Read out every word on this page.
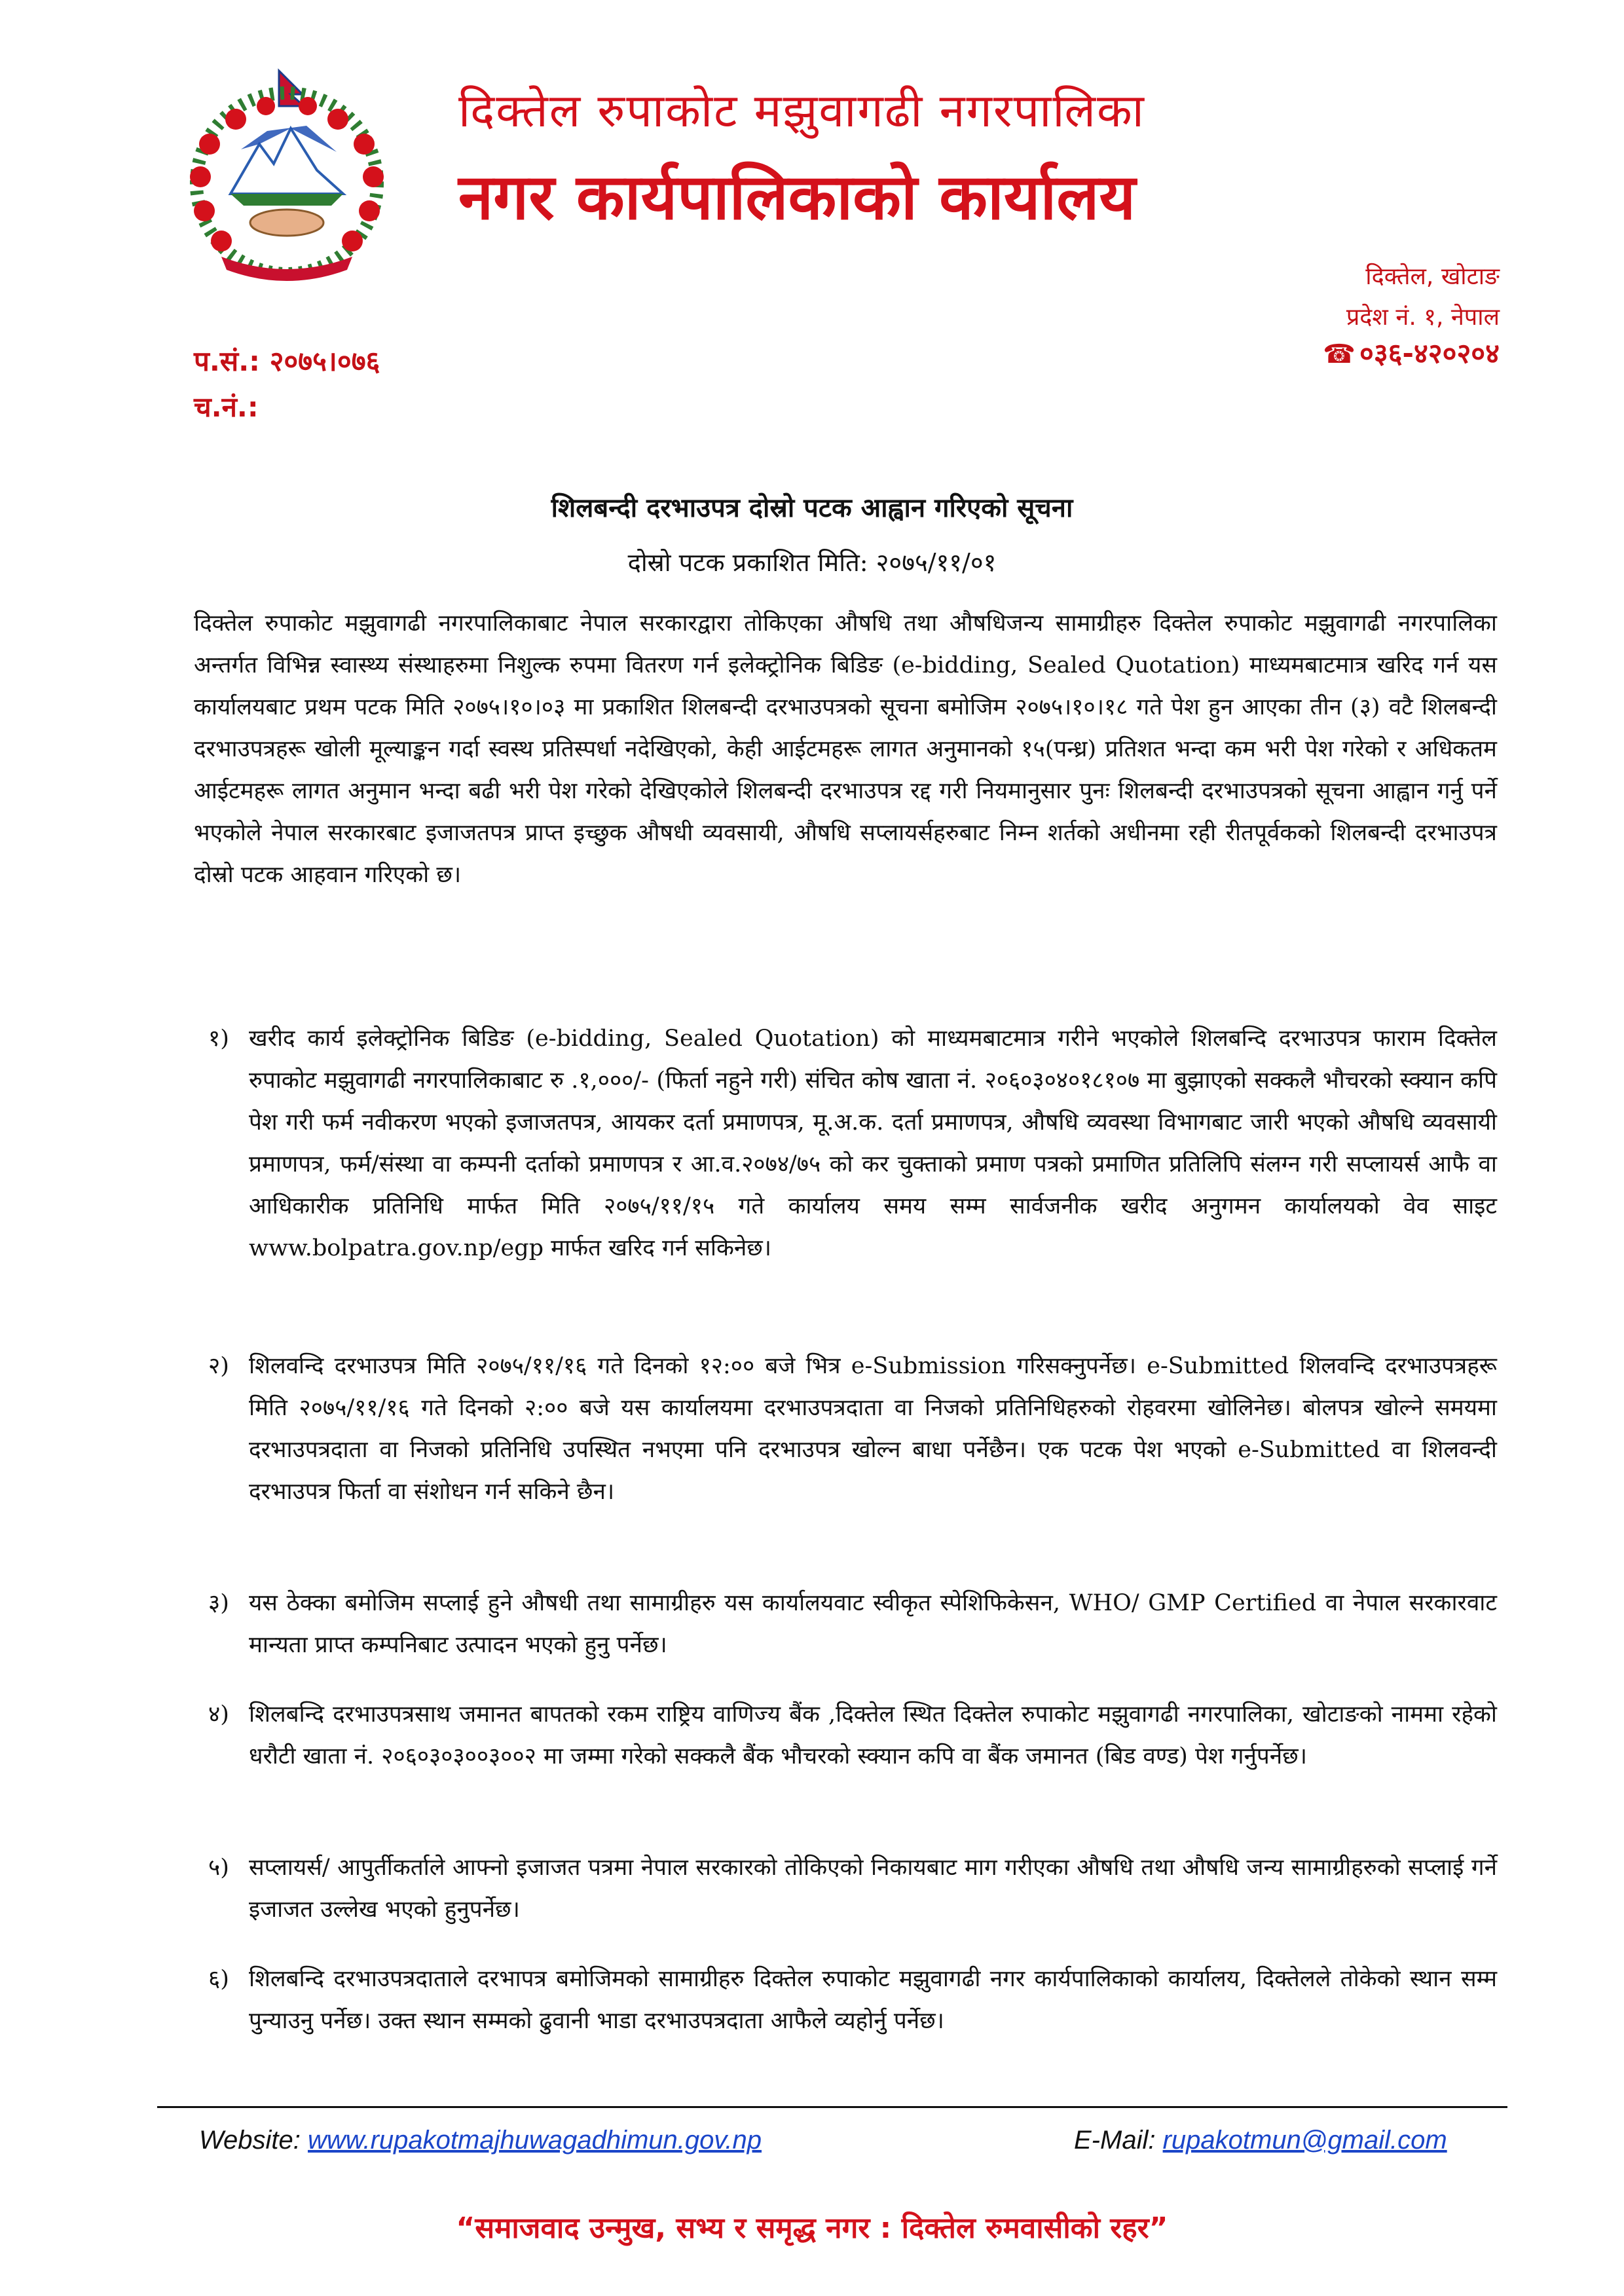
दिक्तेल रुपाकोट मझुवागढी नगरपालिका
नगर कार्यपालिकाको कार्यालय
दिक्तेल, खोटाङ
प्रदेश नं. १, नेपाल
☎ ०३६-४२०२०४
प.सं.: २०७५।०७६
च.नं.:
शिलबन्दी दरभाउपत्र दोस्रो पटक आह्वान गरिएको सूचना
दोस्रो पटक प्रकाशित मिति: २०७५/११/०१
दिक्तेल रुपाकोट मझुवागढी नगरपालिकाबाट नेपाल सरकारद्वारा तोकिएका औषधि तथा औषधिजन्य सामाग्रीहरु दिक्तेल रुपाकोट मझुवागढी नगरपालिका अन्तर्गत विभिन्न स्वास्थ्य संस्थाहरुमा निशुल्क रुपमा वितरण गर्न इलेक्ट्रोनिक बिडिङ (e-bidding, Sealed Quotation) माध्यमबाटमात्र खरिद गर्न यस कार्यालयबाट प्रथम पटक मिति २०७५।१०।०३ मा प्रकाशित शिलबन्दी दरभाउपत्रको सूचना बमोजिम २०७५।१०।१८ गते पेश हुन आएका तीन (३) वटै शिलबन्दी दरभाउपत्रहरू खोली मूल्याङ्कन गर्दा स्वस्थ प्रतिस्पर्धा नदेखिएको, केही आईटमहरू लागत अनुमानको १५(पन्ध्र) प्रतिशत भन्दा कम भरी पेश गरेको र अधिकतम आईटमहरू लागत अनुमान भन्दा बढी भरी पेश गरेको देखिएकोले शिलबन्दी दरभाउपत्र रद्द गरी नियमानुसार पुनः शिलबन्दी दरभाउपत्रको सूचना आह्वान गर्नु पर्ने भएकोले नेपाल सरकारबाट इजाजतपत्र प्राप्त इच्छुक औषधी व्यवसायी, औषधि सप्लायर्सहरुबाट निम्न शर्तको अधीनमा रही रीतपूर्वकको शिलबन्दी दरभाउपत्र दोस्रो पटक आहवान गरिएको छ।
१) खरीद कार्य इलेक्ट्रोनिक बिडिङ (e-bidding, Sealed Quotation) को माध्यमबाटमात्र गरीने भएकोले शिलबन्दि दरभाउपत्र फाराम दिक्तेल रुपाकोट मझुवागढी नगरपालिकाबाट रु .१,०००/- (फिर्ता नहुने गरी) संचित कोष खाता नं. २०६०३०४०१८१०७ मा बुझाएको सक्कलै भौचरको स्क्यान कपि पेश गरी फर्म नवीकरण भएको इजाजतपत्र, आयकर दर्ता प्रमाणपत्र, मू.अ.क. दर्ता प्रमाणपत्र, औषधि व्यवस्था विभागबाट जारी भएको औषधि व्यवसायी प्रमाणपत्र, फर्म/संस्था वा कम्पनी दर्ताको प्रमाणपत्र र आ.व.२०७४/७५ को कर चुक्ताको प्रमाण पत्रको प्रमाणित प्रतिलिपि संलग्न गरी सप्लायर्स आफै वा आधिकारीक प्रतिनिधि मार्फत मिति २०७५/११/१५ गते कार्यालय समय सम्म सार्वजनीक खरीद अनुगमन कार्यालयको वेव साइट www.bolpatra.gov.np/egp मार्फत खरिद गर्न सकिनेछ।
२) शिलवन्दि दरभाउपत्र मिति २०७५/११/१६ गते दिनको १२:०० बजे भित्र e-Submission गरिसक्नुपर्नेछ। e-Submitted शिलवन्दि दरभाउपत्रहरू मिति २०७५/११/१६ गते दिनको २:०० बजे यस कार्यालयमा दरभाउपत्रदाता वा निजको प्रतिनिधिहरुको रोहवरमा खोलिनेछ। बोलपत्र खोल्ने समयमा दरभाउपत्रदाता वा निजको प्रतिनिधि उपस्थित नभएमा पनि दरभाउपत्र खोल्न बाधा पर्नेछैन। एक पटक पेश भएको e-Submitted वा शिलवन्दी दरभाउपत्र फिर्ता वा संशोधन गर्न सकिने छैन।
३) यस ठेक्का बमोजिम सप्लाई हुने औषधी तथा सामाग्रीहरु यस कार्यालयवाट स्वीकृत स्पेशिफिकेसन, WHO/ GMP Certified वा नेपाल सरकारवाट मान्यता प्राप्त कम्पनिबाट उत्पादन भएको हुनु पर्नेछ।
४) शिलबन्दि दरभाउपत्रसाथ जमानत बापतको रकम राष्ट्रिय वाणिज्य बैंक ,दिक्तेल स्थित दिक्तेल रुपाकोट मझुवागढी नगरपालिका, खोटाङको नाममा रहेको धरौटी खाता नं. २०६०३०३००३००२ मा जम्मा गरेको सक्कलै बैंक भौचरको स्क्यान कपि वा बैंक जमानत (बिड वण्ड) पेश गर्नुपर्नेछ।
५) सप्लायर्स/ आपुर्तीकर्ताले आफ्नो इजाजत पत्रमा नेपाल सरकारको तोकिएको निकायबाट माग गरीएका औषधि तथा औषधि जन्य सामाग्रीहरुको सप्लाई गर्ने इजाजत उल्लेख भएको हुनुपर्नेछ।
६) शिलबन्दि दरभाउपत्रदाताले दरभापत्र बमोजिमको सामाग्रीहरु दिक्तेल रुपाकोट मझुवागढी नगर कार्यपालिकाको कार्यालय, दिक्तेलले तोकेको स्थान सम्म पुन्याउनु पर्नेछ। उक्त स्थान सम्मको ढुवानी भाडा दरभाउपत्रदाता आफैले व्यहोर्नु पर्नेछ।
Website: www.rupakotmajhuwagadhimun.gov.np	E-Mail: rupakotmun@gmail.com
“समाजवाद उन्मुख, सभ्य र समृद्ध नगर : दिक्तेल रुमवासीको रहर”
